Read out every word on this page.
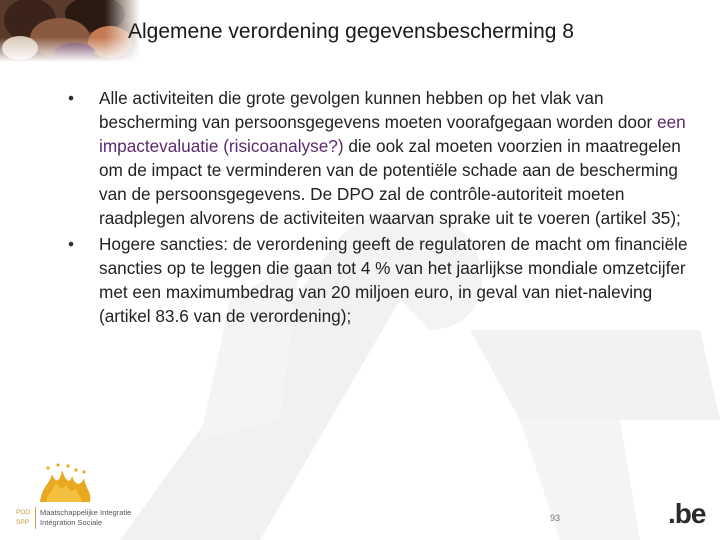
Algemene verordening gegevensbescherming 8
•	Alle activiteiten die grote gevolgen kunnen hebben op het vlak van bescherming van persoonsgegevens moeten voorafgegaan worden door een impactevaluatie (risicoanalyse?) die ook zal moeten voorzien in maatregelen om de impact te verminderen van de potentiële schade aan de bescherming van de persoonsgegevens. De DPO zal de contrôle-autoriteit moeten raadplegen alvorens de activiteiten waarvan sprake uit te voeren (artikel 35);
•	Hogere sancties: de verordening geeft de regulatoren de macht om financiële sancties op te leggen die gaan tot 4 % van het jaarlijkse mondiale omzetcijfer met een maximumbedrag van 20 miljoen euro, in geval van niet-naleving (artikel 83.6 van de verordening);
POD
SPP
Maatschappelijke Integratie
Intégration Sociale	93	.be
